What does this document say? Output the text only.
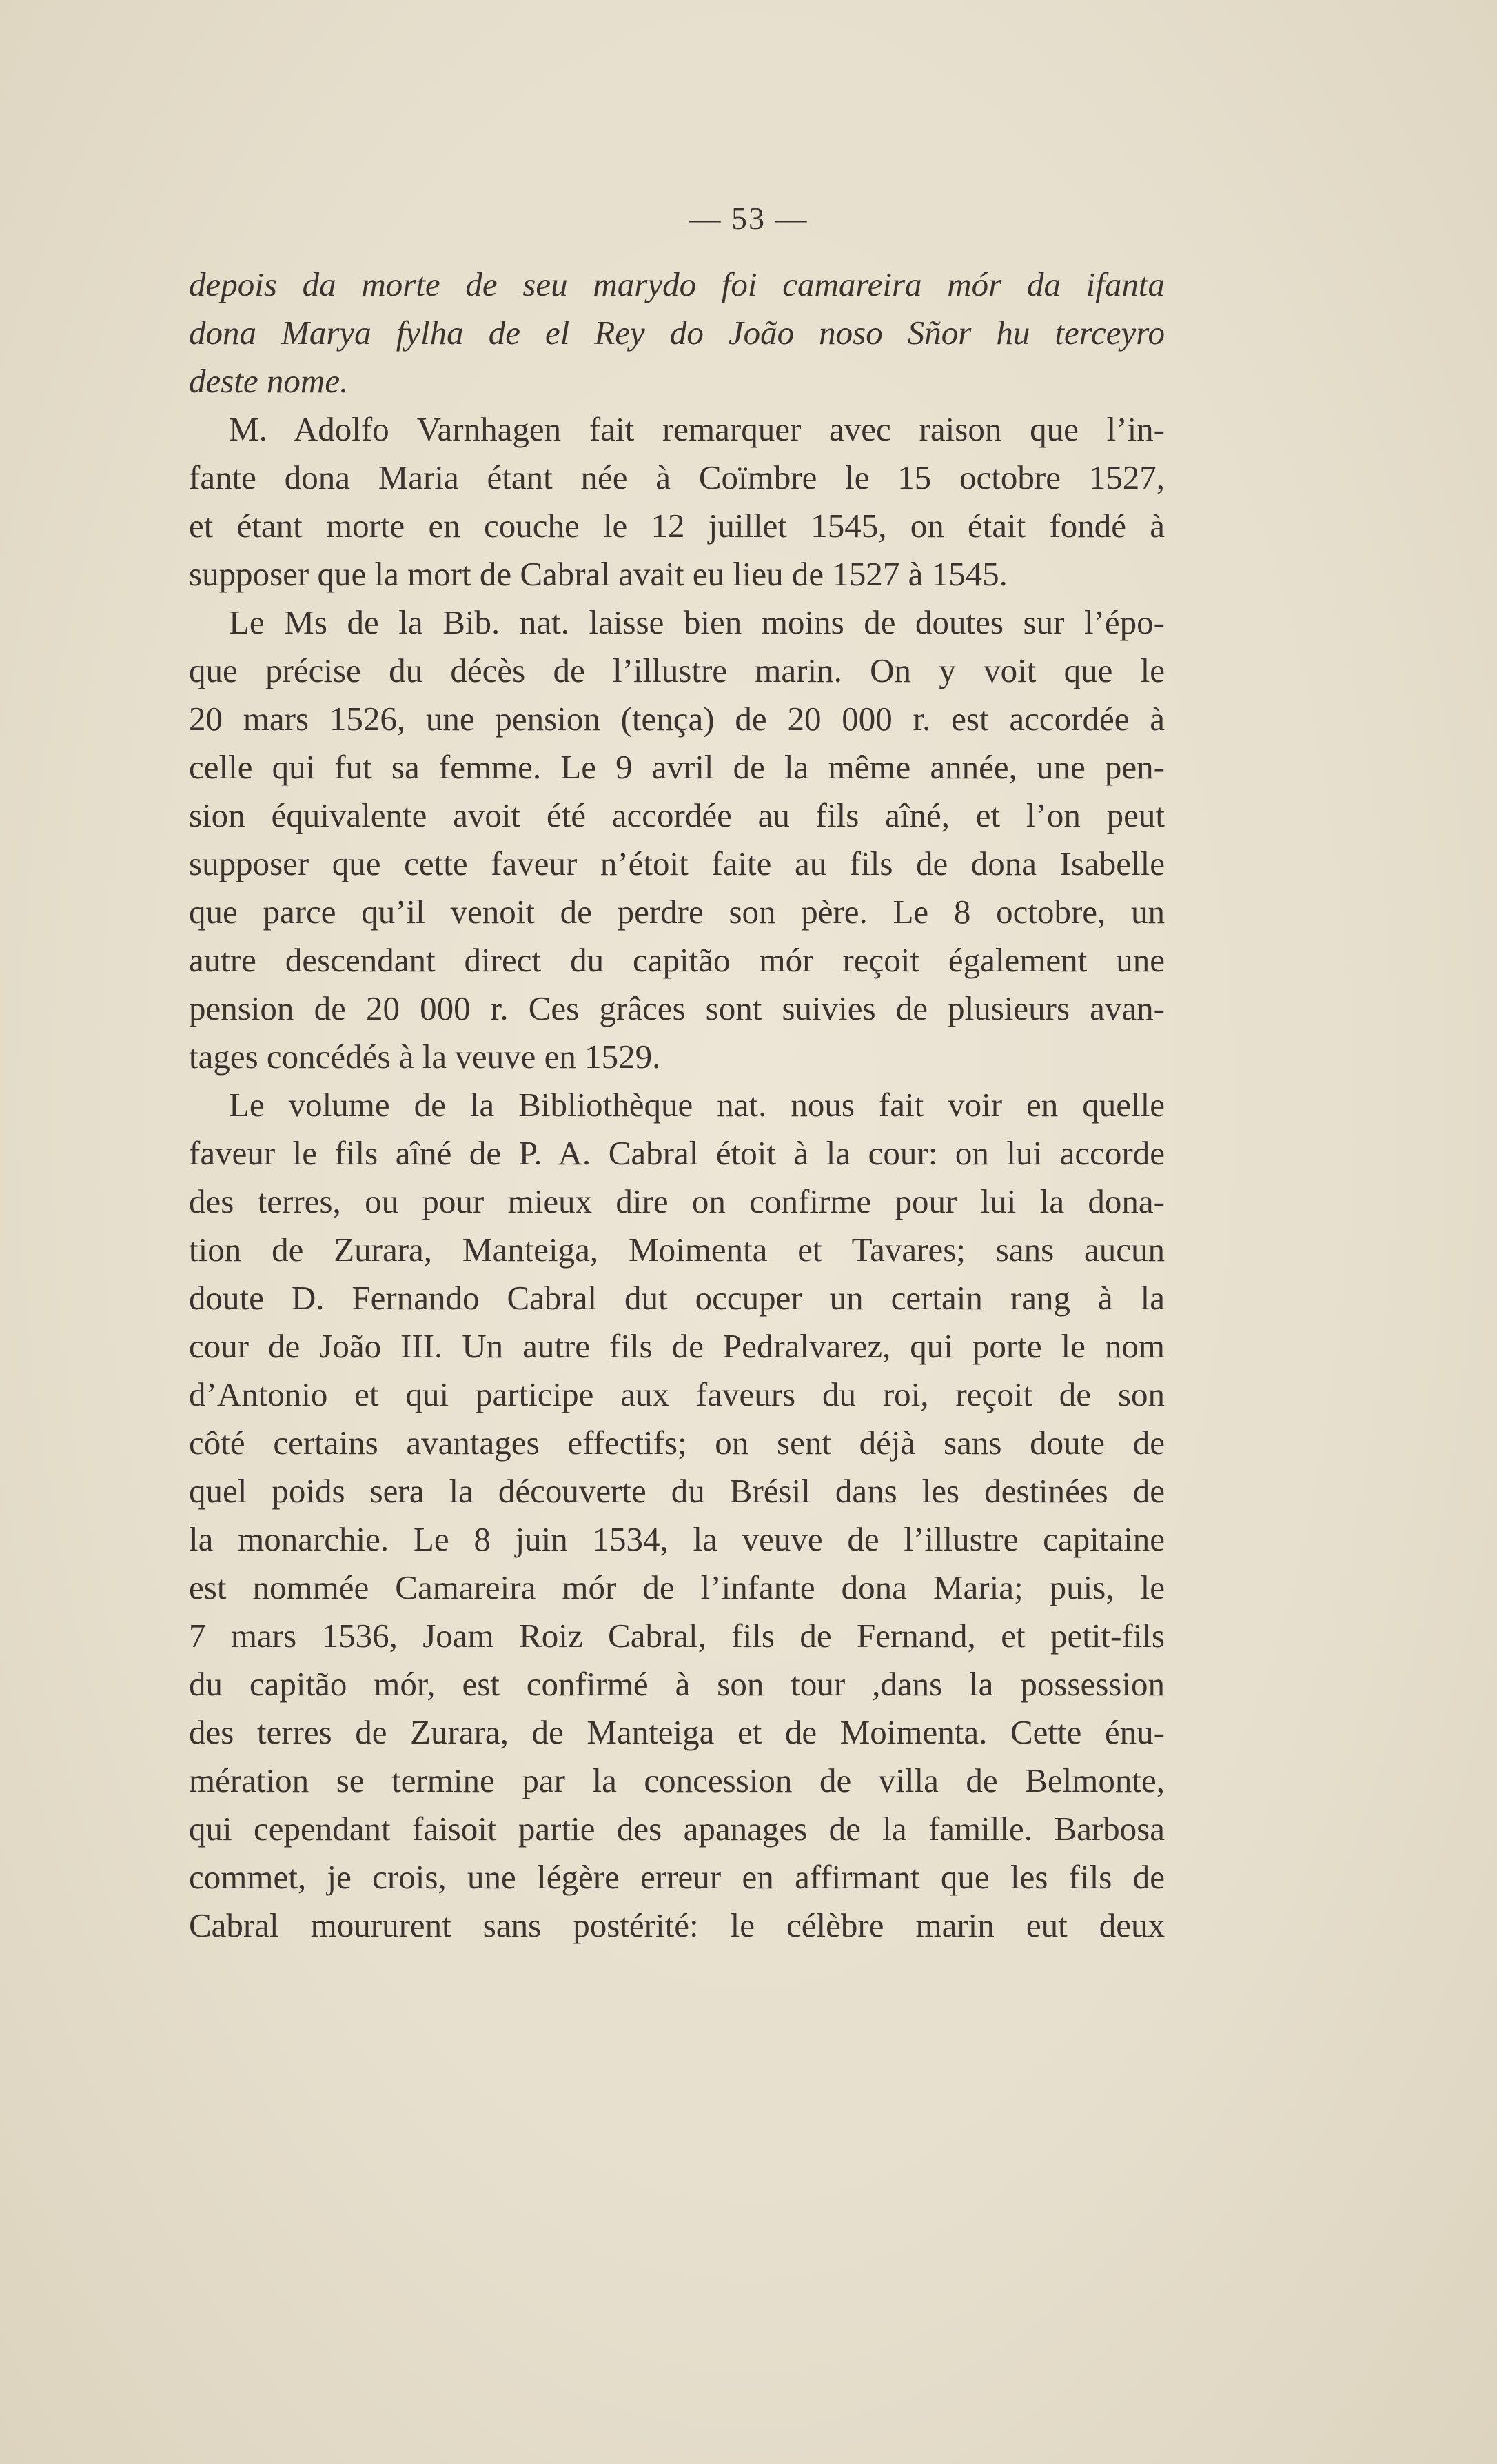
— 53 —
depois da morte de seu marydo foi camareira mór da ifanta
dona Marya fylha de el Rey do João noso Sñor hu terceyro
deste nome.
M. Adolfo Varnhagen fait remarquer avec raison que l’in-
fante dona Maria étant née à Coïmbre le 15 octobre 1527,
et étant morte en couche le 12 juillet 1545, on était fondé à
supposer que la mort de Cabral avait eu lieu de 1527 à 1545.
Le Ms de la Bib. nat. laisse bien moins de doutes sur l’épo-
que précise du décès de l’illustre marin. On y voit que le
20 mars 1526, une pension (tença) de 20 000 r. est accordée à
celle qui fut sa femme. Le 9 avril de la même année, une pen-
sion équivalente avoit été accordée au fils aîné, et l’on peut
supposer que cette faveur n’étoit faite au fils de dona Isabelle
que parce qu’il venoit de perdre son père. Le 8 octobre, un
autre descendant direct du capitão mór reçoit également une
pension de 20 000 r. Ces grâces sont suivies de plusieurs avan-
tages concédés à la veuve en 1529.
Le volume de la Bibliothèque nat. nous fait voir en quelle
faveur le fils aîné de P. A. Cabral étoit à la cour: on lui accorde
des terres, ou pour mieux dire on confirme pour lui la dona-
tion de Zurara, Manteiga, Moimenta et Tavares; sans aucun
doute D. Fernando Cabral dut occuper un certain rang à la
cour de João III. Un autre fils de Pedralvarez, qui porte le nom
d’Antonio et qui participe aux faveurs du roi, reçoit de son
côté certains avantages effectifs; on sent déjà sans doute de
quel poids sera la découverte du Brésil dans les destinées de
la monarchie. Le 8 juin 1534, la veuve de l’illustre capitaine
est nommée Camareira mór de l’infante dona Maria; puis, le
7 mars 1536, Joam Roiz Cabral, fils de Fernand, et petit-fils
du capitão mór, est confirmé à son tour ,dans la possession
des terres de Zurara, de Manteiga et de Moimenta. Cette énu-
mération se termine par la concession de villa de Belmonte,
qui cependant faisoit partie des apanages de la famille. Barbosa
commet, je crois, une légère erreur en affirmant que les fils de
Cabral moururent sans postérité: le célèbre marin eut deux
